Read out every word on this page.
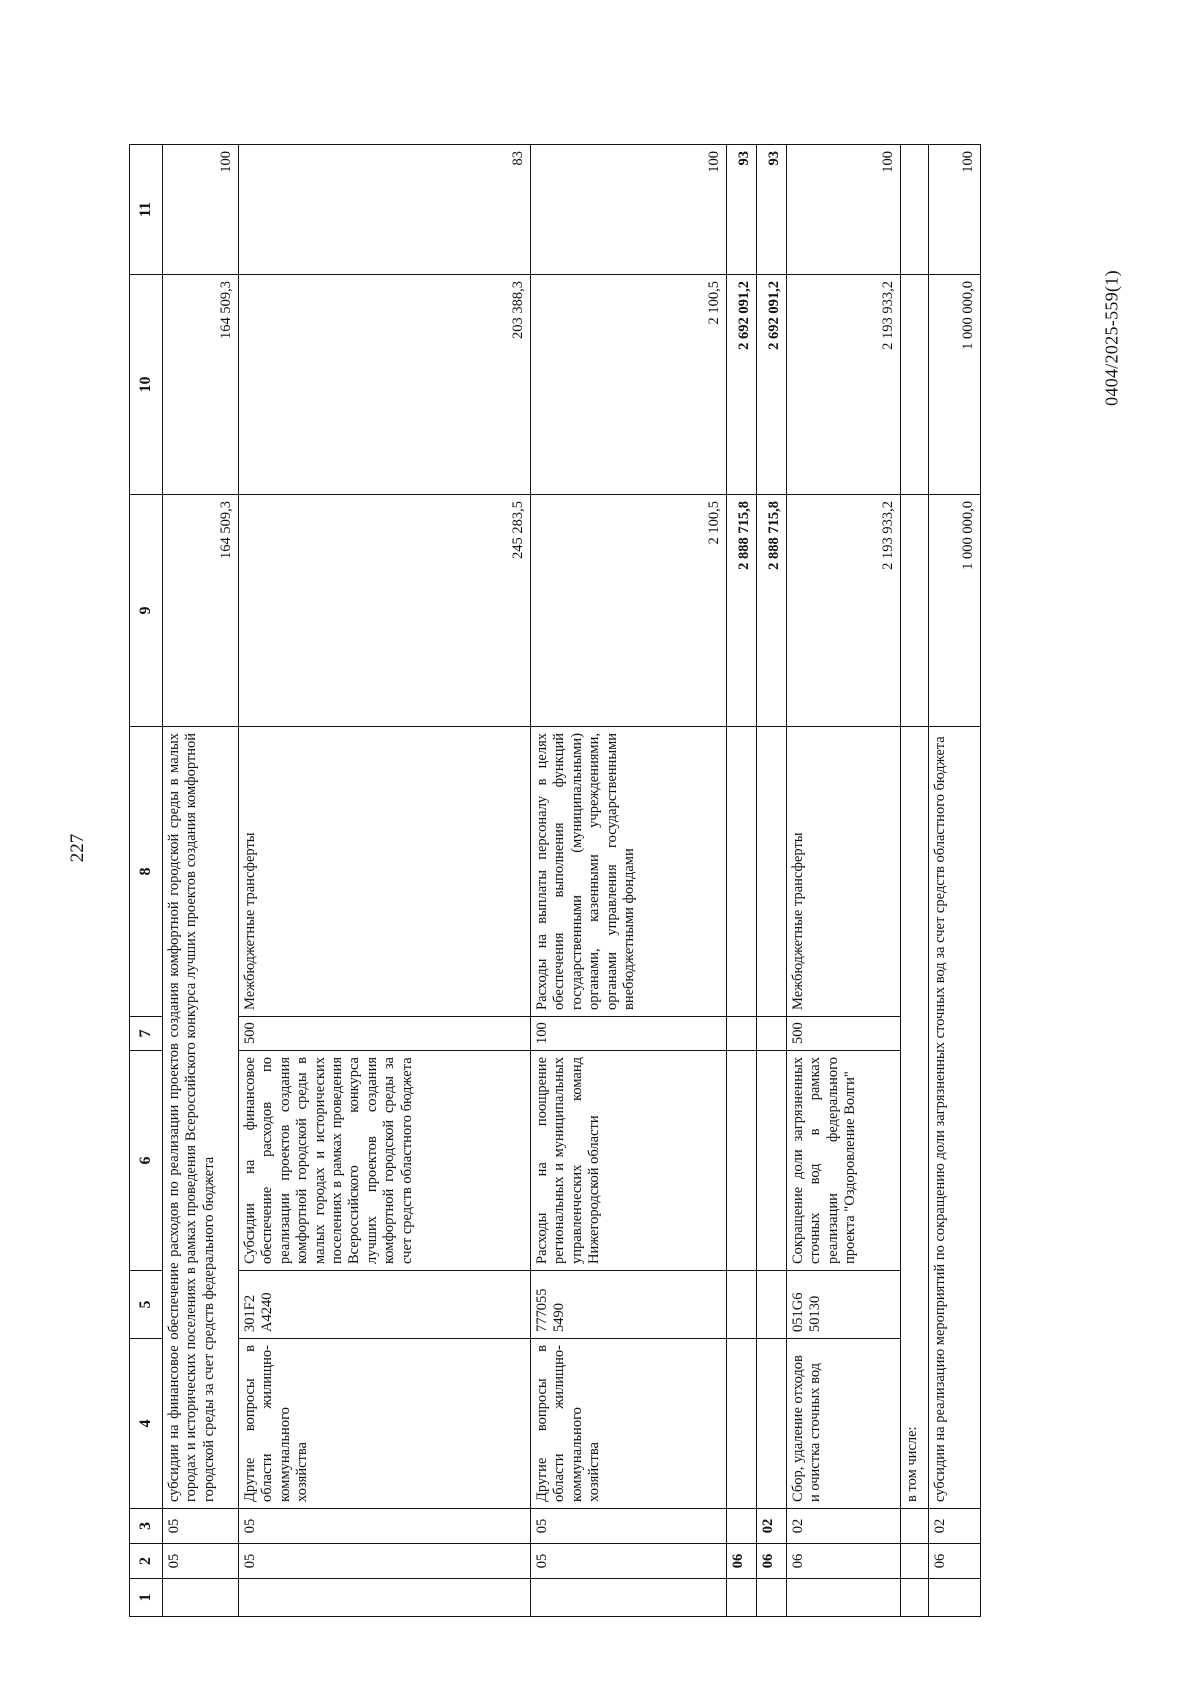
227
0404/2025-559(1)
1	2	3	4	5	6	7	8	9	10	11
	05	05	субсидии на финансовое обеспечение расходов по реализации проектов создания комфортной городской среды в малых городах и исторических поселениях в рамках проведения Всероссийского конкурса лучших проектов создания комфортной городской среды за счет средств федерального бюджета					164 509,3	164 509,3	100
	05	05	Другие вопросы в области жилищно-коммунального хозяйства	301F2 A4240	Субсидии на финансовое обеспечение расходов по реализации проектов создания комфортной городской среды в малых городах и исторических поселениях в рамках проведения Всероссийского конкурса лучших проектов создания комфортной городской среды за счет средств областного бюджета	500	Межбюджетные трансферты	245 283,5	203 388,3	83
	05	05	Другие вопросы в области жилищно-коммунального хозяйства	777055 5490	Расходы на поощрение региональных и муниципальных управленческих команд Нижегородской области	100	Расходы на выплаты персоналу в целях обеспечения выполнения функций государственными (муниципальными) органами, казенными учреждениями, органами управления государственными внебюджетными фондами	2 100,5	2 100,5	100
	06							2 888 715,8	2 692 091,2	93
	06	02						2 888 715,8	2 692 091,2	93
	06	02	Сбор, удаление отходов и очистка сточных вод	051G6 50130	Сокращение доли загрязненных сточных вод в рамках реализации федерального проекта "Оздоровление Волги"	500	Межбюджетные трансферты	2 193 933,2	2 193 933,2	100
			в том числе:							
	06	02	субсидии на реализацию мероприятий по сокращению доли загрязненных сточных вод за счет средств областного бюджета					1 000 000,0	1 000 000,0	100
